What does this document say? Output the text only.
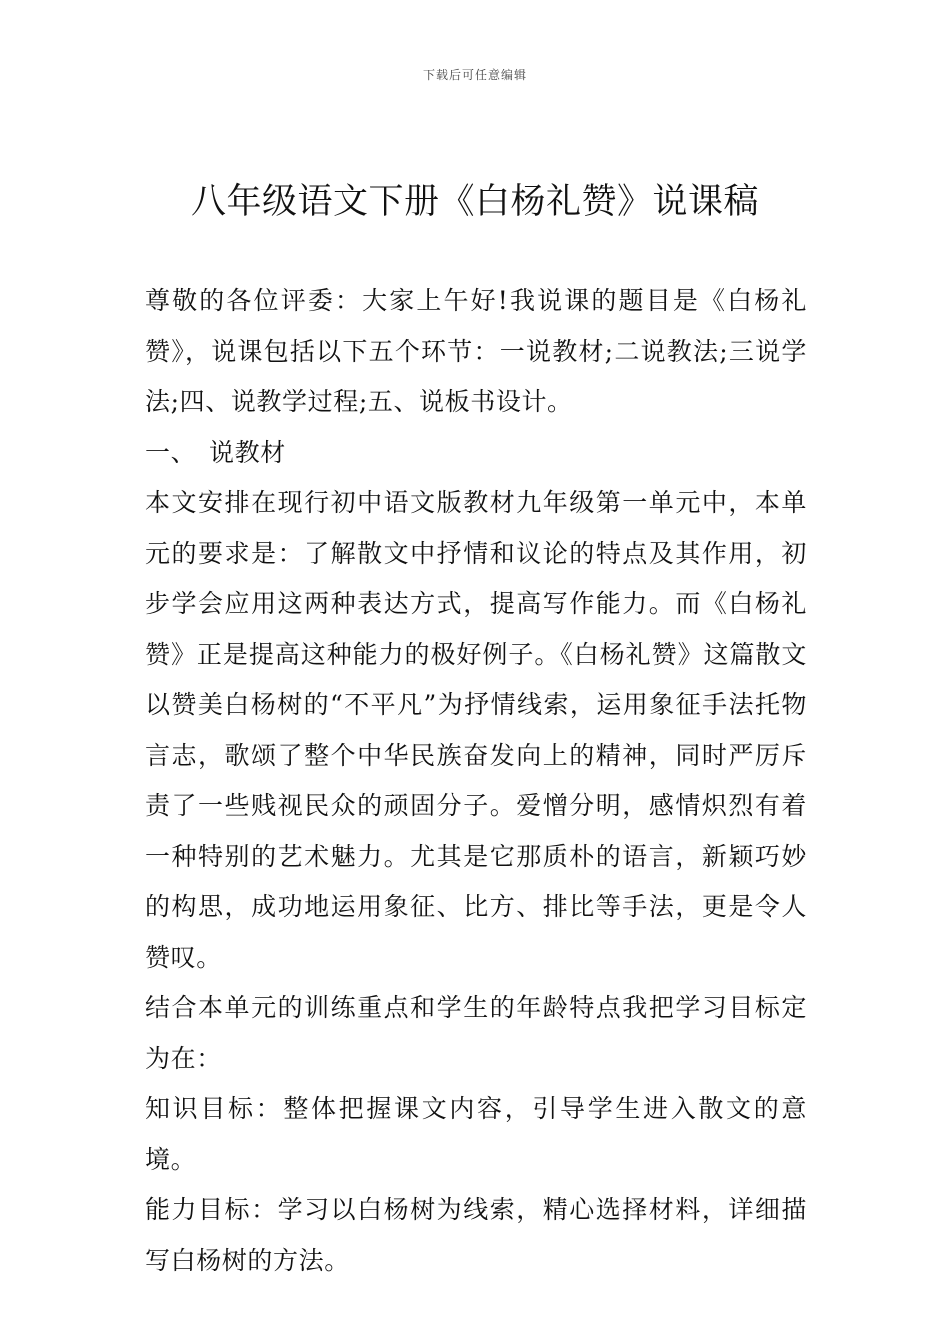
下载后可任意编辑
八年级语文下册《白杨礼赞》说课稿

尊敬的各位评委：大家上午好!我说课的题目是《白杨礼赞》，说课包括以下五个环节：一说教材;二说教法;三说学法;四、说教学过程;五、说板书设计。

一、 说教材

本文安排在现行初中语文版教材九年级第一单元中，本单元的要求是：了解散文中抒情和议论的特点及其作用，初步学会应用这两种表达方式，提高写作能力。而《白杨礼赞》正是提高这种能力的极好例子。《白杨礼赞》这篇散文以赞美白杨树的“不平凡”为抒情线索，运用象征手法托物言志，歌颂了整个中华民族奋发向上的精神，同时严厉斥责了一些贱视民众的顽固分子。爱憎分明，感情炽烈有着一种特别的艺术魅力。尤其是它那质朴的语言，新颖巧妙的构思，成功地运用象征、比方、排比等手法，更是令人赞叹。

结合本单元的训练重点和学生的年龄特点我把学习目标定为在：

知识目标：整体把握课文内容，引导学生进入散文的意境。

能力目标：学习以白杨树为线索，精心选择材料，详细描写白杨树的方法。
